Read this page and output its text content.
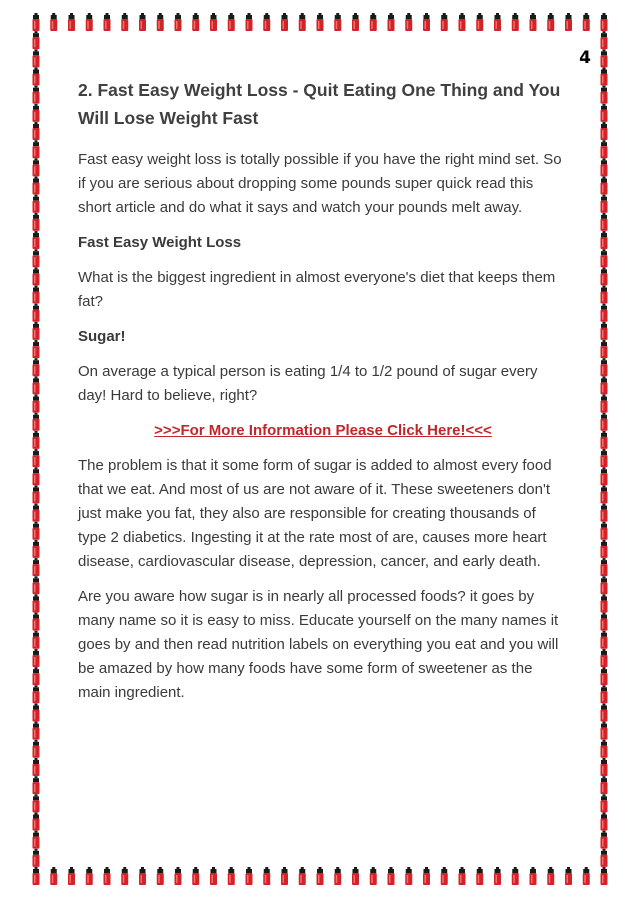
4
2. Fast Easy Weight Loss - Quit Eating One Thing and You Will Lose Weight Fast

Fast easy weight loss is totally possible if you have the right mind set. So if you are serious about dropping some pounds super quick read this short article and do what it says and watch your pounds melt away.

Fast Easy Weight Loss

What is the biggest ingredient in almost everyone's diet that keeps them fat?

Sugar!

On average a typical person is eating 1/4 to 1/2 pound of sugar every day! Hard to believe, right?

>>>For More Information Please Click Here!<<<

The problem is that it some form of sugar is added to almost every food that we eat. And most of us are not aware of it. These sweeteners don't just make you fat, they also are responsible for creating thousands of type 2 diabetics. Ingesting it at the rate most of are, causes more heart disease, cardiovascular disease, depression, cancer, and early death.

Are you aware how sugar is in nearly all processed foods? it goes by many name so it is easy to miss. Educate yourself on the many names it goes by and then read nutrition labels on everything you eat and you will be amazed by how many foods have some form of sweetener as the main ingredient.
